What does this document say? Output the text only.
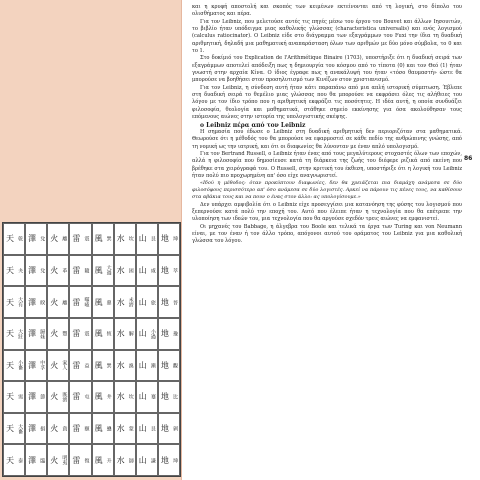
天 乾 澤 兌 火 離 雷 震 風 巽 水 坎 山 艮 地 坤
天 夬 澤 兌 火 革 雷 隨 風 大過 水 困 山 咸 地 萃
天 大有 澤 睽 火 離 雷 噬嗑 風 鼎 水 未濟 山 旅 地 晉
天 大壯 澤 歸妹 火 豐 雷 震 風 恆 水 解 山 小過 地 豫
天 小畜 澤 中孚 火 家人 雷 益 風 巽 水 渙 山 漸 地 觀
天 需 澤 節 火 既濟 雷 屯 風 井 水 坎 山 蹇 地 比
天 大畜 澤 損 火 賁 雷 頤 風 蠱 水 蒙 山 艮 地 剝
天 泰 澤 臨 火 明夷 雷 復 風 升 水 師 山 謙 地 坤

και η κρυφή αποστολή και σκοπός των κειμένων εκτείνονται από τη λογική, στο δίπολο του ολισθήματος και πέρα.

Για τον Leibniz, που μελετούσε αυτές τις πηγές μέσω του έργου του Bouvet και άλλων Ιησουιτών, το βιβλίο ήταν υπόδειγμα μιας καθολικής γλώσσας (characteristica universalis) και ενός λογισμού (calculus ratiocinator). Ο Leibniz είδε στο διάγραμμα των εξαγράμμων του Fuxi την ίδια τη δυαδική αριθμητική, δηλαδή μια μαθηματική αναπαράσταση όλων των αριθμών με δύο μόνο σύμβολα, το 0 και το 1.

Στο δοκίμιό του Explication de l'Arithmétique Binaire (1703), υποστήριξε ότι η δυαδική σειρά των εξαγράμμων αποτελεί απόδειξη πως η δημιουργία του κόσμου από το τίποτα (0) και τον Θεό (1) ήταν γνωστή στην αρχαία Κίνα. Ο ίδιος έγραφε πως η ανακάλυψή του ήταν «τόσο θαυμαστή» ώστε θα μπορούσε να βοηθήσει στον προσηλυτισμό των Κινέζων στον χριστιανισμό.

Για τον Leibniz, η σύνδεση αυτή ήταν κάτι παραπάνω από μια απλή ιστορική σύμπτωση. Έβλεπε στη δυαδική σειρά το θεμέλιο μιας γλώσσας που θα μπορούσε να εκφράσει όλες τις αλήθειες του λόγου με τον ίδιο τρόπο που η αριθμητική εκφράζει τις ποσότητες. Η ιδέα αυτή, η οποία συνδυάζει φιλοσοφία, θεολογία και μαθηματικά, στάθηκε σημείο εκκίνησης για όσα ακολούθησαν τους επόμενους αιώνες στην ιστορία της υπολογιστικής σκέψης.

ο Leibniz πέρα από τον Leibniz

Η σημασία που έδωσε ο Leibniz στη δυαδική αριθμητική δεν περιοριζόταν στα μαθηματικά. Θεωρούσε ότι η μέθοδός του θα μπορούσε να εφαρμοστεί σε κάθε πεδίο της ανθρώπινης γνώσης, από τη νομική ως την ιατρική, και ότι οι διαφωνίες θα λύνονταν με έναν απλό υπολογισμό.

Για τον Bertrand Russell, ο Leibniz ήταν ένας από τους μεγαλύτερους στοχαστές όλων των εποχών, αλλά η φιλοσοφία που δημοσίευσε κατά τη διάρκεια της ζωής του διέφερε ριζικά από εκείνη που βρέθηκε στα χειρόγραφά του. Ο Russell, στην κριτική του έκθεση, υποστήριξε ότι η λογική του Leibniz ήταν πολύ πιο προχωρημένη απ' όσο είχε αναγνωριστεί.

«Ιδού η μέθοδος: όταν προκύπτουν διαφωνίες, δεν θα χρειάζεται πια διαμάχη ανάμεσα σε δύο φιλοσόφους περισσότερο απ' όσο ανάμεσα σε δύο λογιστές. Αρκεί να πάρουν τις πένες τους, να καθίσουν στα αβάκια τους και να πουν ο ένας στον άλλο: ας υπολογίσουμε.»

Δεν υπάρχει αμφιβολία ότι ο Leibniz είχε προσεγγίσει μια κατανόηση της φύσης του λογισμού που ξεπερνούσε κατά πολύ την εποχή του. Αυτό που έλειπε ήταν η τεχνολογία που θα επέτρεπε την υλοποίηση των ιδεών του, μια τεχνολογία που θα αργούσε σχεδόν τρεις αιώνες να εμφανιστεί.

Οι μηχανές του Babbage, η άλγεβρα του Boole και τελικά τα έργα των Turing και von Neumann είναι, με τον έναν ή τον άλλο τρόπο, απόγονοι αυτού του οράματος του Leibniz για μια καθολική γλώσσα του λόγου.

86
